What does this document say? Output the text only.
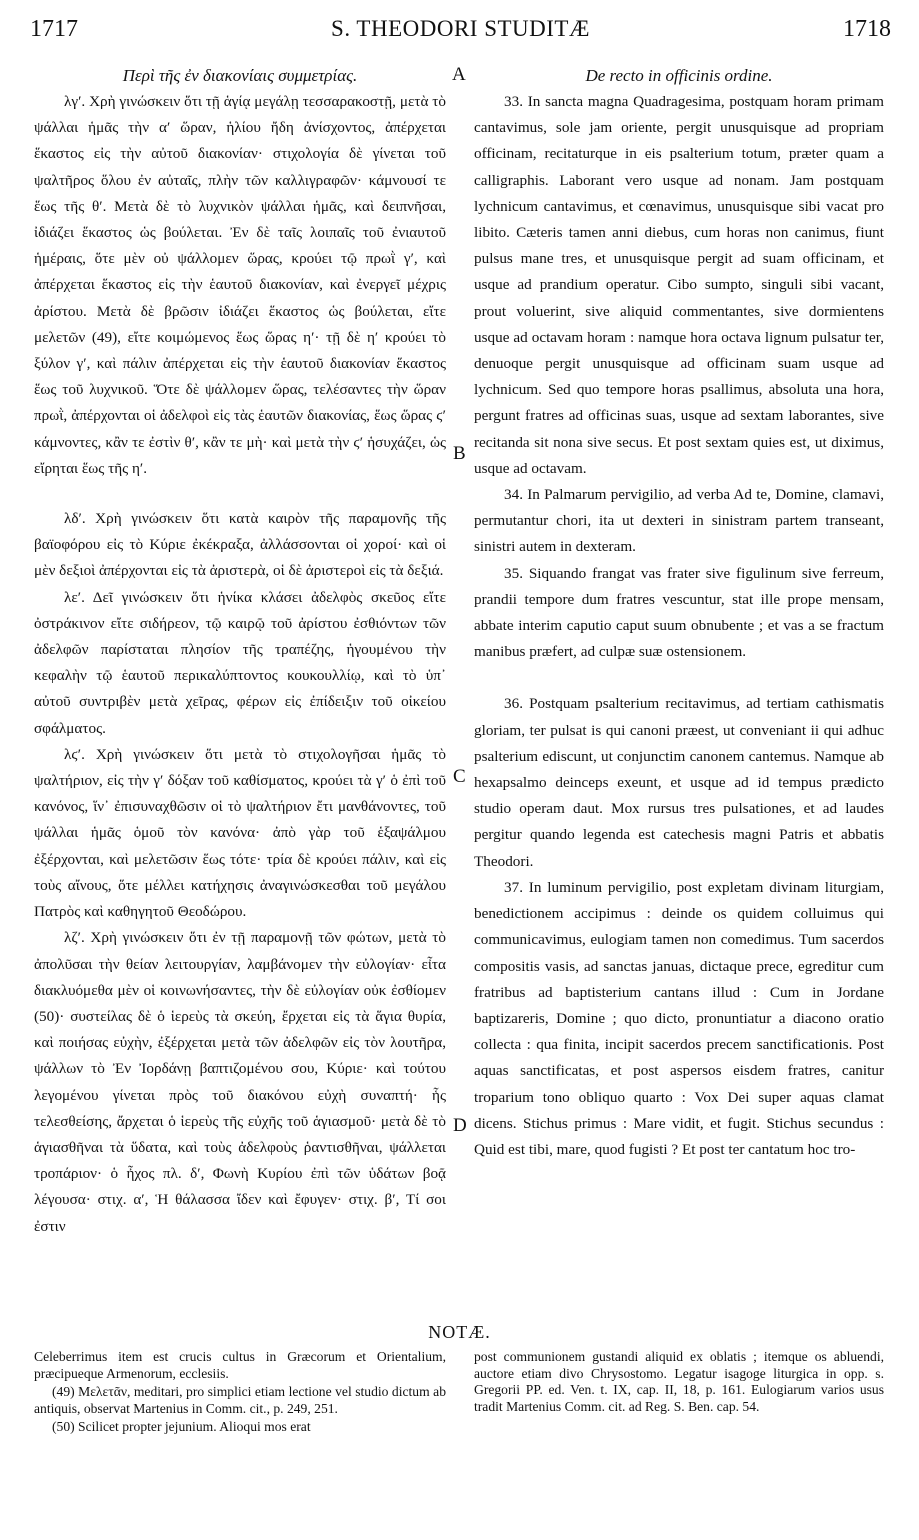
1717	S. THEODORI STUDITÆ	1718
Περὶ τῆς ἐν διακονίαις συμμετρίας.

λγʹ. Χρὴ γινώσκειν ὅτι τῇ ἁγίᾳ μεγάλῃ τεσσαρακοστῇ, μετὰ τὸ ψάλλαι ἡμᾶς τὴν αʹ ὥραν, ἡλίου ἤδη ἀνίσχοντος, ἀπέρχεται ἕκαστος εἰς τὴν αὐτοῦ διακονίαν· στιχολογία δὲ γίνεται τοῦ ψαλτῆρος ὅλου ἐν αὐταῖς, πλὴν τῶν καλλιγραφῶν· κάμνουσί τε ἕως τῆς θʹ. Μετὰ δὲ τὸ λυχνικὸν ψάλλαι ἡμᾶς, καὶ δειπνῆσαι, ἰδιάζει ἕκαστος ὡς βούλεται. Ἐν δὲ ταῖς λοιπαῖς τοῦ ἐνιαυτοῦ ἡμέραις, ὅτε μὲν οὐ ψάλλομεν ὥρας, κρούει τῷ πρωῒ γʹ, καὶ ἀπέρχεται ἕκαστος εἰς τὴν ἑαυτοῦ διακονίαν, καὶ ἐνεργεῖ μέχρις ἀρίστου. Μετὰ δὲ βρῶσιν ἰδιάζει ἕκαστος ὡς βούλεται, εἴτε μελετῶν (49), εἴτε κοιμώμενος ἕως ὥρας ηʹ· τῇ δὲ ηʹ κρούει τὸ ξύλον γʹ, καὶ πάλιν ἀπέρχεται εἰς τὴν ἑαυτοῦ διακονίαν ἕκαστος ἕως τοῦ λυχνικοῦ. Ὅτε δὲ ψάλλομεν ὥρας, τελέσαντες τὴν ὥραν πρωῒ, ἀπέρχονται οἱ ἀδελφοὶ εἰς τὰς ἑαυτῶν διακονίας, ἕως ὥρας ϛʹ κάμνοντες, κἂν τε ἐστὶν θʹ, κἂν τε μὴ· καὶ μετὰ τὴν ϛʹ ἡσυχάζει, ὡς εἴρηται ἕως τῆς ηʹ.

λδʹ. Χρὴ γινώσκειν ὅτι κατὰ καιρὸν τῆς παραμονῆς τῆς βαϊοφόρου εἰς τὸ Κύριε ἐκέκραξα, ἀλλάσσονται οἱ χοροί· καὶ οἱ μὲν δεξιοὶ ἀπέρχονται εἰς τὰ ἀριστερὰ, οἱ δὲ ἀριστεροὶ εἰς τὰ δεξιά.

λεʹ. Δεῖ γινώσκειν ὅτι ἡνίκα κλάσει ἀδελφὸς σκεῦος εἴτε ὀστράκινον εἴτε σιδήρεον, τῷ καιρῷ τοῦ ἀρίστου ἐσθιόντων τῶν ἀδελφῶν παρίσταται πλησίον τῆς τραπέζης, ἡγουμένου τὴν κεφαλὴν τῷ ἑαυτοῦ περικαλύπτοντος κουκουλλίῳ, καὶ τὸ ὑπ᾽ αὐτοῦ συντριβὲν μετὰ χεῖρας, φέρων εἰς ἐπίδειξιν τοῦ οἰκείου σφάλματος.

λϛʹ. Χρὴ γινώσκειν ὅτι μετὰ τὸ στιχολογῆσαι ἡμᾶς τὸ ψαλτήριον, εἰς τὴν γʹ δόξαν τοῦ καθίσματος, κρούει τὰ γʹ ὁ ἐπὶ τοῦ κανόνος, ἵν᾽ ἐπισυναχθῶσιν οἱ τὸ ψαλτήριον ἔτι μανθάνοντες, τοῦ ψάλλαι ἡμᾶς ὁμοῦ τὸν κανόνα· ἀπὸ γὰρ τοῦ ἑξαψάλμου ἐξέρχονται, καὶ μελετῶσιν ἕως τότε· τρία δὲ κρούει πάλιν, καὶ εἰς τοὺς αἴνους, ὅτε μέλλει κατήχησις ἀναγινώσκεσθαι τοῦ μεγάλου Πατρὸς καὶ καθηγητοῦ Θεοδώρου.

λζʹ. Χρὴ γινώσκειν ὅτι ἐν τῇ παραμονῇ τῶν φώτων, μετὰ τὸ ἀπολῦσαι τὴν θείαν λειτουργίαν, λαμβάνομεν τὴν εὐλογίαν· εἶτα διακλυόμεθα μὲν οἱ κοινωνήσαντες, τὴν δὲ εὐλογίαν οὐκ ἐσθίομεν (50)· συστείλας δὲ ὁ ἱερεὺς τὰ σκεύη, ἔρχεται εἰς τὰ ἅγια θυρία, καὶ ποιήσας εὐχὴν, ἐξέρχεται μετὰ τῶν ἀδελφῶν εἰς τὸν λουτῆρα, ψάλλων τὸ Ἐν Ἰορδάνῃ βαπτιζομένου σου, Κύριε· καὶ τούτου λεγομένου γίνεται πρὸς τοῦ διακόνου εὐχὴ συναπτή· ἧς τελεσθείσης, ἄρχεται ὁ ἱερεὺς τῆς εὐχῆς τοῦ ἁγιασμοῦ· μετὰ δὲ τὸ ἁγιασθῆναι τὰ ὕδατα, καὶ τοὺς ἀδελφοὺς ῥαντισθῆναι, ψάλλεται τροπάριον· ὁ ἦχος πλ. δʹ, Φωνὴ Κυρίου ἐπὶ τῶν ὑδάτων βοᾷ λέγουσα· στιχ. αʹ, Ἡ θάλασσα ἴδεν καὶ ἔφυγεν· στιχ. βʹ, Τί σοι ἐστιν

De recto in officinis ordine.

33. In sancta magna Quadragesima, postquam horam primam cantavimus, sole jam oriente, pergit unusquisque ad propriam officinam, recitaturque in eis psalterium totum, præter quam a calligraphis. Laborant vero usque ad nonam. Jam postquam lychnicum cantavimus, et cœnavimus, unusquisque sibi vacat pro libito. Cæteris tamen anni diebus, cum horas non canimus, fiunt pulsus mane tres, et unusquisque pergit ad suam officinam, et usque ad prandium operatur. Cibo sumpto, singuli sibi vacant, prout voluerint, sive aliquid commentantes, sive dormientens usque ad octavam horam : namque hora octava lignum pulsatur ter, denuoque pergit unusquisque ad officinam suam usque ad lychnicum. Sed quo tempore horas psallimus, absoluta una hora, pergunt fratres ad officinas suas, usque ad sextam laborantes, sive recitanda sit nona sive secus. Et post sextam quies est, ut diximus, usque ad octavam.

34. In Palmarum pervigilio, ad verba Ad te, Domine, clamavi, permutantur chori, ita ut dexteri in sinistram partem transeant, sinistri autem in dexteram.

35. Siquando frangat vas frater sive figulinum sive ferreum, prandii tempore dum fratres vescuntur, stat ille prope mensam, abbate interim caputio caput suum obnubente ; et vas a se fractum manibus præfert, ad culpæ suæ ostensionem.

36. Postquam psalterium recitavimus, ad tertiam cathismatis gloriam, ter pulsat is qui canoni præest, ut conveniant ii qui adhuc psalterium ediscunt, ut conjunctim canonem cantemus. Namque ab hexapsalmo deinceps exeunt, et usque ad id tempus prædicto studio operam daut. Mox rursus tres pulsationes, et ad laudes pergitur quando legenda est catechesis magni Patris et abbatis Theodori.

37. In luminum pervigilio, post expletam divinam liturgiam, benedictionem accipimus : deinde os quidem colluimus qui communicavimus, eulogiam tamen non comedimus. Tum sacerdos compositis vasis, ad sanctas januas, dictaque prece, egreditur cum fratribus ad baptisterium cantans illud : Cum in Jordane baptizareris, Domine ; quo dicto, pronuntiatur a diacono oratio collecta : qua finita, incipit sacerdos precem sanctificationis. Post aquas sanctificatas, et post aspersos eisdem fratres, canitur troparium tono obliquo quarto : Vox Dei super aquas clamat dicens. Stichus primus : Mare vidit, et fugit. Stichus secundus : Quid est tibi, mare, quod fugisti ? Et post ter cantatum hoc tro-

A
B
C
D
NOTÆ.

Celeberrimus item est crucis cultus in Græcorum et Orientalium, præcipueque Armenorum, ecclesiis.

(49) Μελετᾶν, meditari, pro simplici etiam lectione vel studio dictum ab antiquis, observat Martenius in Comm. cit., p. 249, 251.

(50) Scilicet propter jejunium. Alioqui mos erat

post communionem gustandi aliquid ex oblatis ; itemque os abluendi, auctore etiam divo Chrysostomo. Legatur isagoge liturgica in opp. s. Gregorii PP. ed. Ven. t. IX, cap. II, 18, p. 161. Eulogiarum varios usus tradit Martenius Comm. cit. ad Reg. S. Ben. cap. 54.
